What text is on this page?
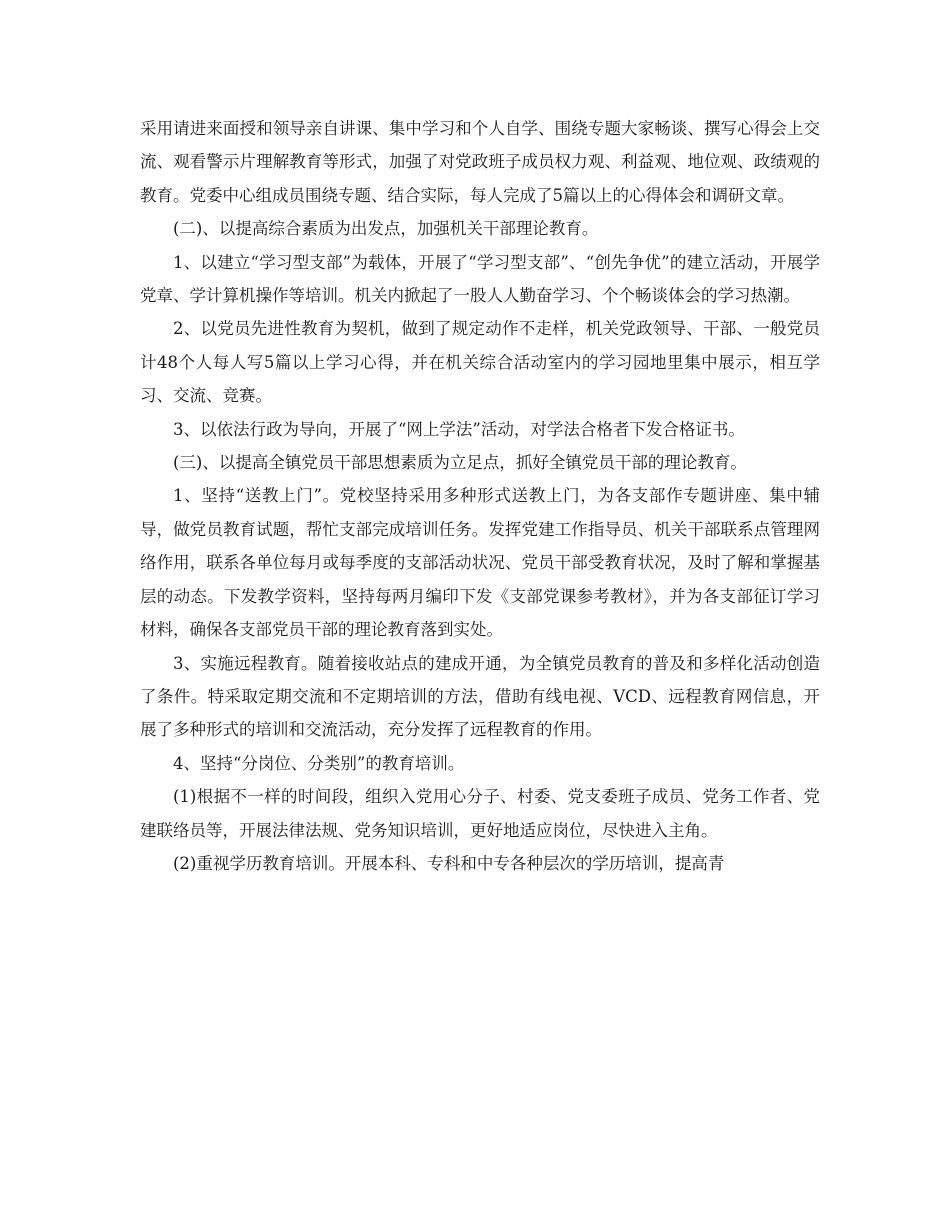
采用请进来面授和领导亲自讲课、集中学习和个人自学、围绕专题大家畅谈、撰写心得会上交流、观看警示片理解教育等形式，加强了对党政班子成员权力观、利益观、地位观、政绩观的教育。党委中心组成员围绕专题、结合实际，每人完成了5篇以上的心得体会和调研文章。

(二)、以提高综合素质为出发点，加强机关干部理论教育。

1、以建立“学习型支部”为载体，开展了“学习型支部”、“创先争优”的建立活动，开展学党章、学计算机操作等培训。机关内掀起了一股人人勤奋学习、个个畅谈体会的学习热潮。

2、以党员先进性教育为契机，做到了规定动作不走样，机关党政领导、干部、一般党员计48个人每人写5篇以上学习心得，并在机关综合活动室内的学习园地里集中展示，相互学习、交流、竞赛。

3、以依法行政为导向，开展了“网上学法”活动，对学法合格者下发合格证书。

(三)、以提高全镇党员干部思想素质为立足点，抓好全镇党员干部的理论教育。

1、坚持“送教上门”。党校坚持采用多种形式送教上门，为各支部作专题讲座、集中辅导，做党员教育试题，帮忙支部完成培训任务。发挥党建工作指导员、机关干部联系点管理网络作用，联系各单位每月或每季度的支部活动状况、党员干部受教育状况，及时了解和掌握基层的动态。下发教学资料，坚持每两月编印下发《支部党课参考教材》，并为各支部征订学习材料，确保各支部党员干部的理论教育落到实处。

3、实施远程教育。随着接收站点的建成开通，为全镇党员教育的普及和多样化活动创造了条件。特采取定期交流和不定期培训的方法，借助有线电视、VCD、远程教育网信息，开展了多种形式的培训和交流活动，充分发挥了远程教育的作用。

4、坚持“分岗位、分类别”的教育培训。

(1)根据不一样的时间段，组织入党用心分子、村委、党支委班子成员、党务工作者、党建联络员等，开展法律法规、党务知识培训，更好地适应岗位，尽快进入主角。

(2)重视学历教育培训。开展本科、专科和中专各种层次的学历培训，提高青
